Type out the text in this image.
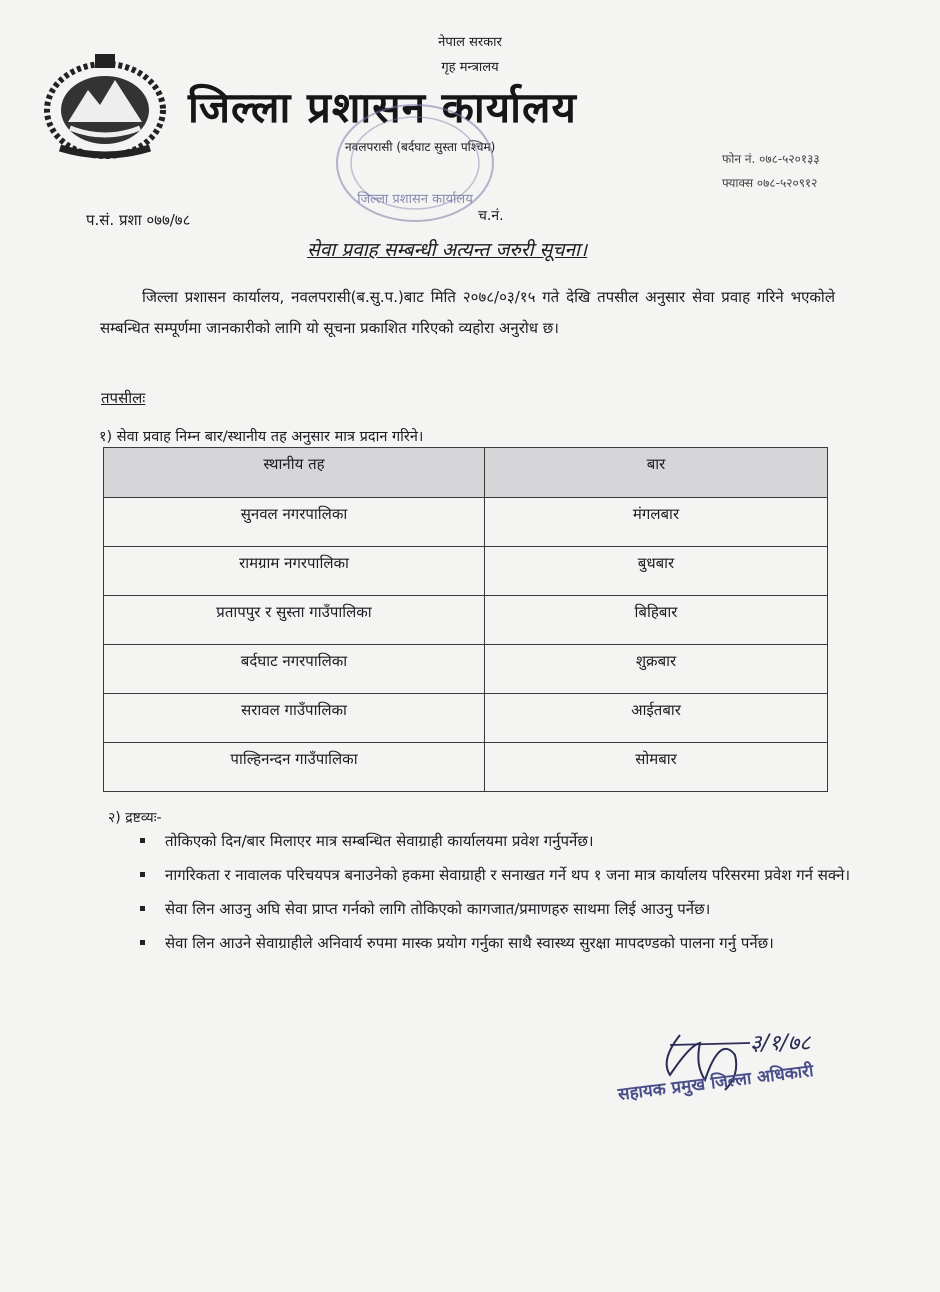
नेपाल सरकार
गृह मन्त्रालय
जिल्ला प्रशासन कार्यालय
नवलपरासी (बर्दघाट सुस्ता पश्चिम)
फोन नं. ०७८-५२०१३३
फ्याक्स ०७८-५२०९१२
जिल्ला प्रशासन कार्यालय
प.सं. प्रशा ०७७/७८	च.नं.
सेवा प्रवाह सम्बन्धी अत्यन्त जरुरी सूचना।
जिल्ला प्रशासन कार्यालय, नवलपरासी(ब.सु.प.)बाट मिति २०७८/०३/१५ गते देखि तपसील अनुसार सेवा प्रवाह गरिने भएकोले सम्बन्धित सम्पूर्णमा जानकारीको लागि यो सूचना प्रकाशित गरिएको व्यहोरा अनुरोध छ।
तपसीलः
१) सेवा प्रवाह निम्न बार/स्थानीय तह अनुसार मात्र प्रदान गरिने।
स्थानीय तह	बार
सुनवल नगरपालिका	मंगलबार
रामग्राम नगरपालिका	बुधबार
प्रतापपुर र सुस्ता गाउँपालिका	बिहिबार
बर्दघाट नगरपालिका	शुक्रबार
सरावल गाउँपालिका	आईतबार
पाल्हिनन्दन गाउँपालिका	सोमबार
२) द्रष्टव्यः-
तोकिएको दिन/बार मिलाएर मात्र सम्बन्धित सेवाग्राही कार्यालयमा प्रवेश गर्नुपर्नेछ।
नागरिकता र नावालक परिचयपत्र बनाउनेको हकमा सेवाग्राही र सनाखत गर्ने थप १ जना मात्र कार्यालय परिसरमा प्रवेश गर्न सक्ने।
सेवा लिन आउनु अघि सेवा प्राप्त गर्नको लागि तोकिएको कागजात/प्रमाणहरु साथमा लिई आउनु पर्नेछ।
सेवा लिन आउने सेवाग्राहीले अनिवार्य रुपमा मास्क प्रयोग गर्नुका साथै स्वास्थ्य सुरक्षा मापदण्डको पालना गर्नु पर्नेछ।
३/१/७८
सहायक प्रमुख जिल्ला अधिकारी
